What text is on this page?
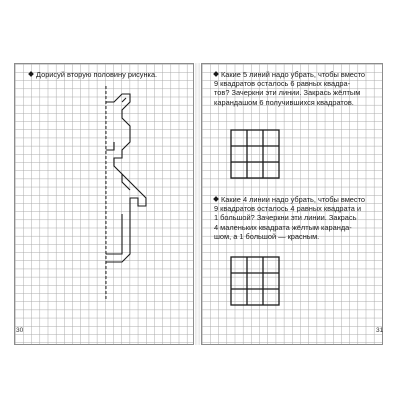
Дорисуй вторую половину рисунка.	Какие 5 линий надо убрать, чтобы вместо
9 квадратов осталось 6 равных квадра-
тов? Зачеркни эти линии. Закрась жёлтым
карандашом 6 получившихся квадратов.
Какие 4 линии надо убрать, чтобы вместо
9 квадратов осталось 4 равных квадрата и
1 большой? Зачеркни эти линии. Закрась
4 маленьких квадрата жёлтым каранда-
шом, а 1 большой — красным.
30	31
